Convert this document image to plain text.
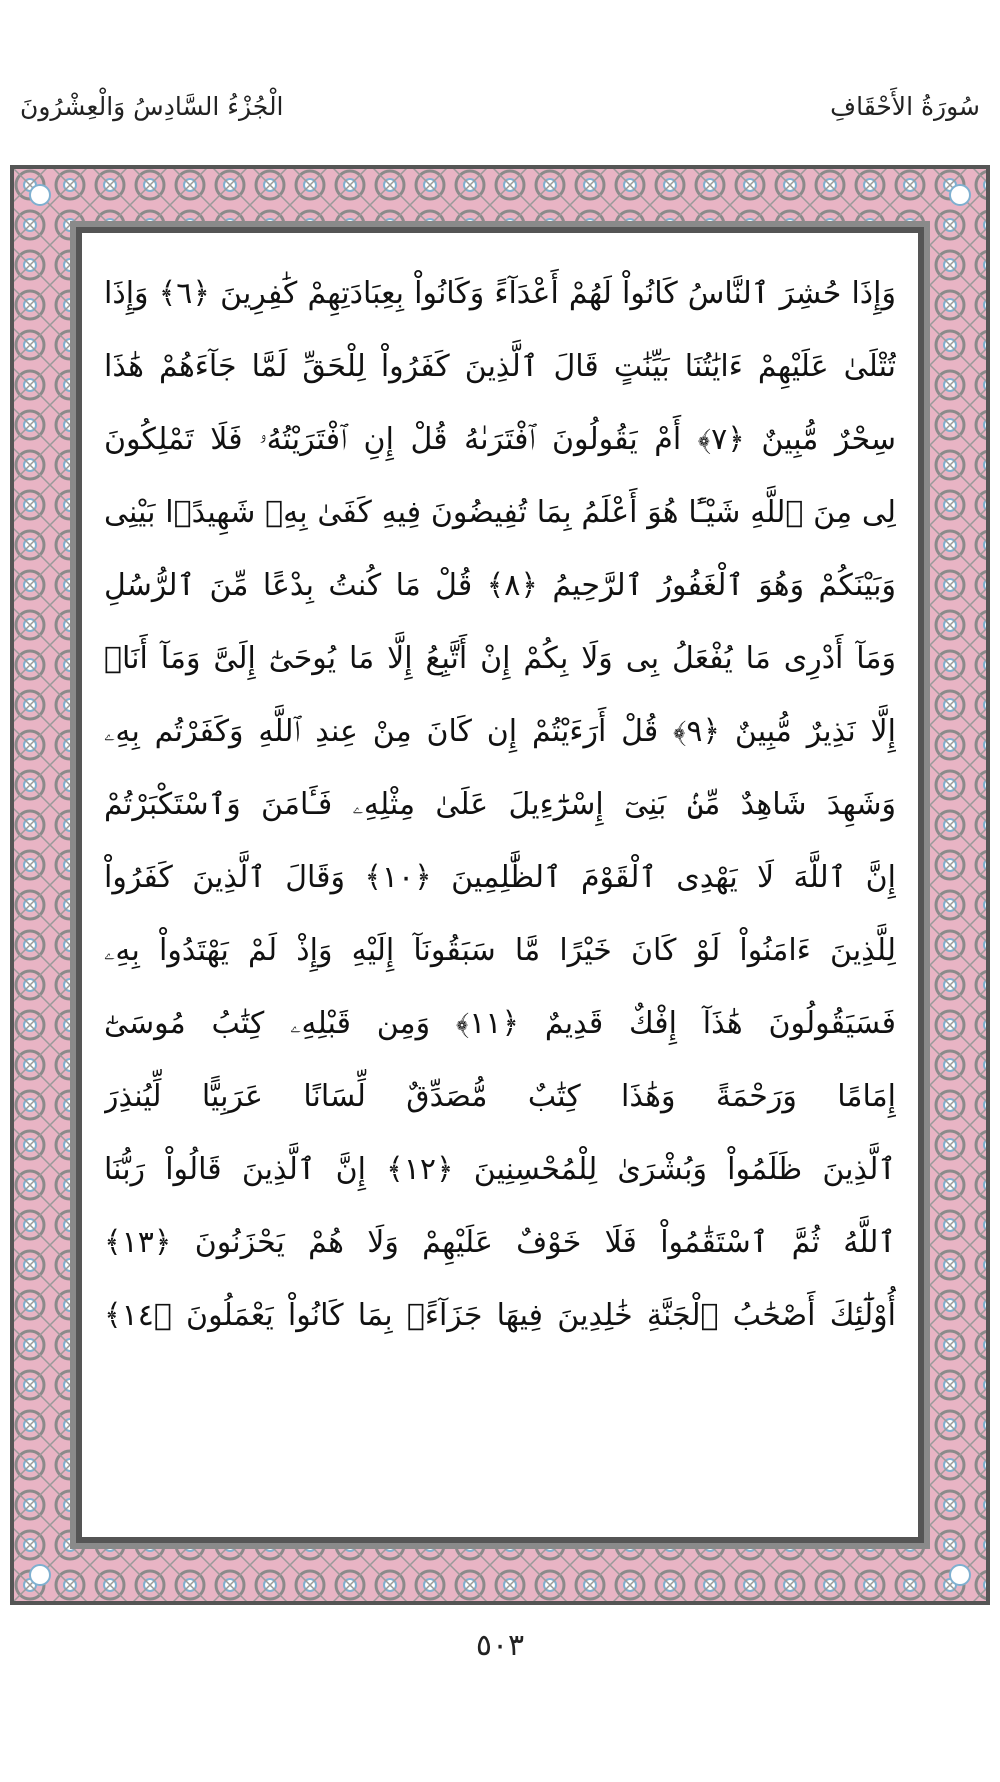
الْجُزْءُ السَّادِسُ وَالْعِشْرُونَ	سُورَةُ الأَحْقَافِ
وَإِذَا حُشِرَ ٱلنَّاسُ كَانُواْ لَهُمْ أَعْدَآءً وَكَانُواْ بِعِبَادَتِهِمْ كَٰفِرِينَ ﴿٦﴾ وَإِذَا
تُتْلَىٰ عَلَيْهِمْ ءَايَٰتُنَا بَيِّنَٰتٍ قَالَ ٱلَّذِينَ كَفَرُواْ لِلْحَقِّ لَمَّا جَآءَهُمْ هَٰذَا
سِحْرٌ مُّبِينٌ ﴿٧﴾ أَمْ يَقُولُونَ ٱفْتَرَىٰهُ قُلْ إِنِ ٱفْتَرَيْتُهُۥ فَلَا تَمْلِكُونَ
لِى مِنَ ٱللَّهِ شَيْـًٔا هُوَ أَعْلَمُ بِمَا تُفِيضُونَ فِيهِ كَفَىٰ بِهِۦ شَهِيدًۢا بَيْنِى
وَبَيْنَكُمْ وَهُوَ ٱلْغَفُورُ ٱلرَّحِيمُ ﴿٨﴾ قُلْ مَا كُنتُ بِدْعًا مِّنَ ٱلرُّسُلِ
وَمَآ أَدْرِى مَا يُفْعَلُ بِى وَلَا بِكُمْ إِنْ أَتَّبِعُ إِلَّا مَا يُوحَىٰٓ إِلَىَّ وَمَآ أَنَا۠
إِلَّا نَذِيرٌ مُّبِينٌ ﴿٩﴾ قُلْ أَرَءَيْتُمْ إِن كَانَ مِنْ عِندِ ٱللَّهِ وَكَفَرْتُم بِهِۦ
وَشَهِدَ شَاهِدٌ مِّنۢ بَنِىٓ إِسْرَٰٓءِيلَ عَلَىٰ مِثْلِهِۦ فَـَٔامَنَ وَٱسْتَكْبَرْتُمْ
إِنَّ ٱللَّهَ لَا يَهْدِى ٱلْقَوْمَ ٱلظَّٰلِمِينَ ﴿١٠﴾ وَقَالَ ٱلَّذِينَ كَفَرُواْ
لِلَّذِينَ ءَامَنُواْ لَوْ كَانَ خَيْرًا مَّا سَبَقُونَآ إِلَيْهِ وَإِذْ لَمْ يَهْتَدُواْ بِهِۦ
فَسَيَقُولُونَ هَٰذَآ إِفْكٌ قَدِيمٌ ﴿١١﴾ وَمِن قَبْلِهِۦ كِتَٰبُ مُوسَىٰٓ
إِمَامًا وَرَحْمَةً وَهَٰذَا كِتَٰبٌ مُّصَدِّقٌ لِّسَانًا عَرَبِيًّا لِّيُنذِرَ
ٱلَّذِينَ ظَلَمُواْ وَبُشْرَىٰ لِلْمُحْسِنِينَ ﴿١٢﴾ إِنَّ ٱلَّذِينَ قَالُواْ رَبُّنَا
ٱللَّهُ ثُمَّ ٱسْتَقَٰمُواْ فَلَا خَوْفٌ عَلَيْهِمْ وَلَا هُمْ يَحْزَنُونَ ﴿١٣﴾
أُوْلَٰٓئِكَ أَصْحَٰبُ ٱلْجَنَّةِ خَٰلِدِينَ فِيهَا جَزَآءًۢ بِمَا كَانُواْ يَعْمَلُونَ ﴿١٤﴾
٥٠٣
